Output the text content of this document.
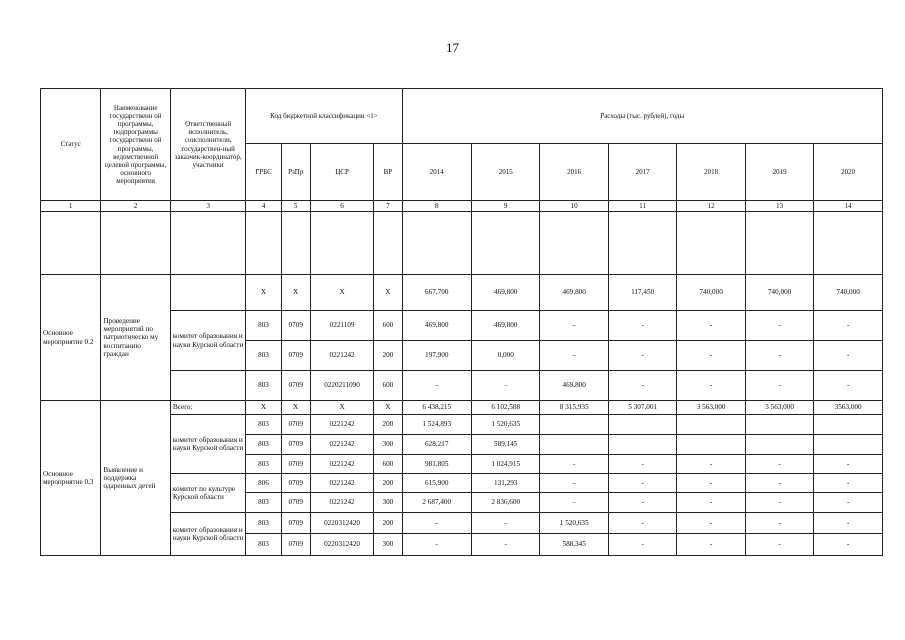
17
Статус	Наименование государственн ой программы, подпрограммы государственн ой программы, ведомственной целевой программы, основного мероприятия	Ответственный исполнитель, соисполнители, государствен-ный заказчик-координатор, участники	Код бюджетной классификации <1>				Расходы (тыс. рублей), годы						
			ГРБС	РзПр	ЦСР	ВР	2014	2015	2016	2017	2018	2019	2020
1	2	3	4	5	6	7	8	9	10	11	12	13	14

Основное мероприятие 0.2	Проведение мероприятий по патриотическо му воспитанию граждан		X	X	X	X	667,700	469,800	469,800	117,450	740,000	740,000	740,000
		комитет образования и науки Курской области	803	0709	0221109	600	469,800	469,800	-	-	-	-	-
			803	0709	0221242	200	197,900	0,000	-	-	-	-	-
			803	0709	0220211090	600	-	-	469,800	-	-	-	-
Основное мероприятие 0.3	Выявление и поддержка одаренных детей	Всего:	X	X	X	X	6 438,215	6 102,588	8 315,935	5 307,001	3 563,000	3 563,000	3563,000
		комитет образования и науки Курской области	803	0709	0221242	200	1 524,893	1 520,635					
			803	0709	0221242	300	628,217	589,145					
			803	0709	0221242	600	981,805	1 024,915	-	-	-	-	-
		комитет по культуре Курской области	806	0709	0221242	200	615,900	131,293	-	-	-	-	-
			803	0709	0221242	300	2 687,400	2 836,600	-	-	-	-	-
		комитет образования и науки Курской области	803	0709	0220312420	200	-	-	1 520,635	-	-	-	-
			803	0709	0220312420	300	-	-	588,345	-	-	-	-
